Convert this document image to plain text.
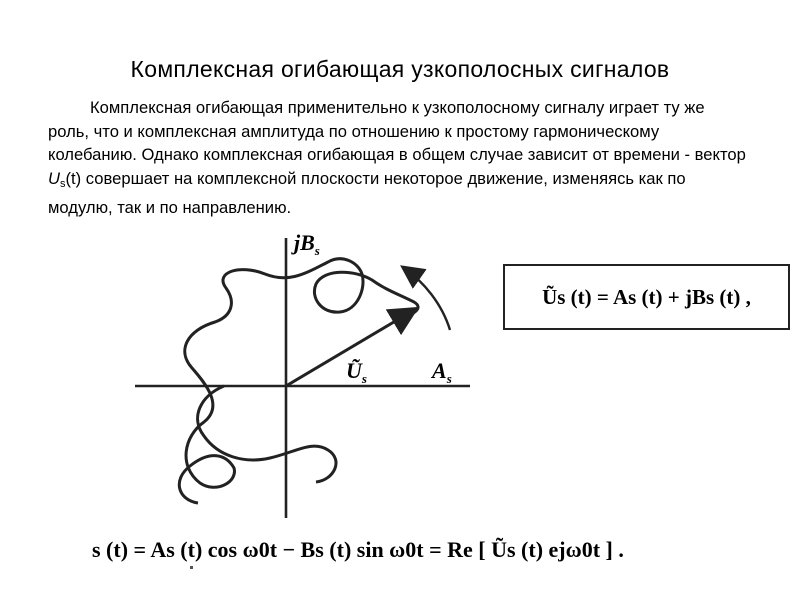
Комплексная огибающая узкополосных сигналов
Комплексная огибающая применительно к узкополосному сигналу играет ту же роль, что и комплексная амплитуда по отношению к простому гармоническому колебанию. Однако комплексная огибающая в общем случае зависит от времени - вектор $U_s(t)$ совершает на комплексной плоскости некоторое движение, изменяясь как по модулю, так и по направлению.
$jB_s$
$A_s$
$Ũ_s$
Ũs (t) = As (t) + jBs (t) ,
s (t) = As (t) cos ω0t − Bs (t) sin ω0t = Re [ Ũs (t) ejω0t ] .
